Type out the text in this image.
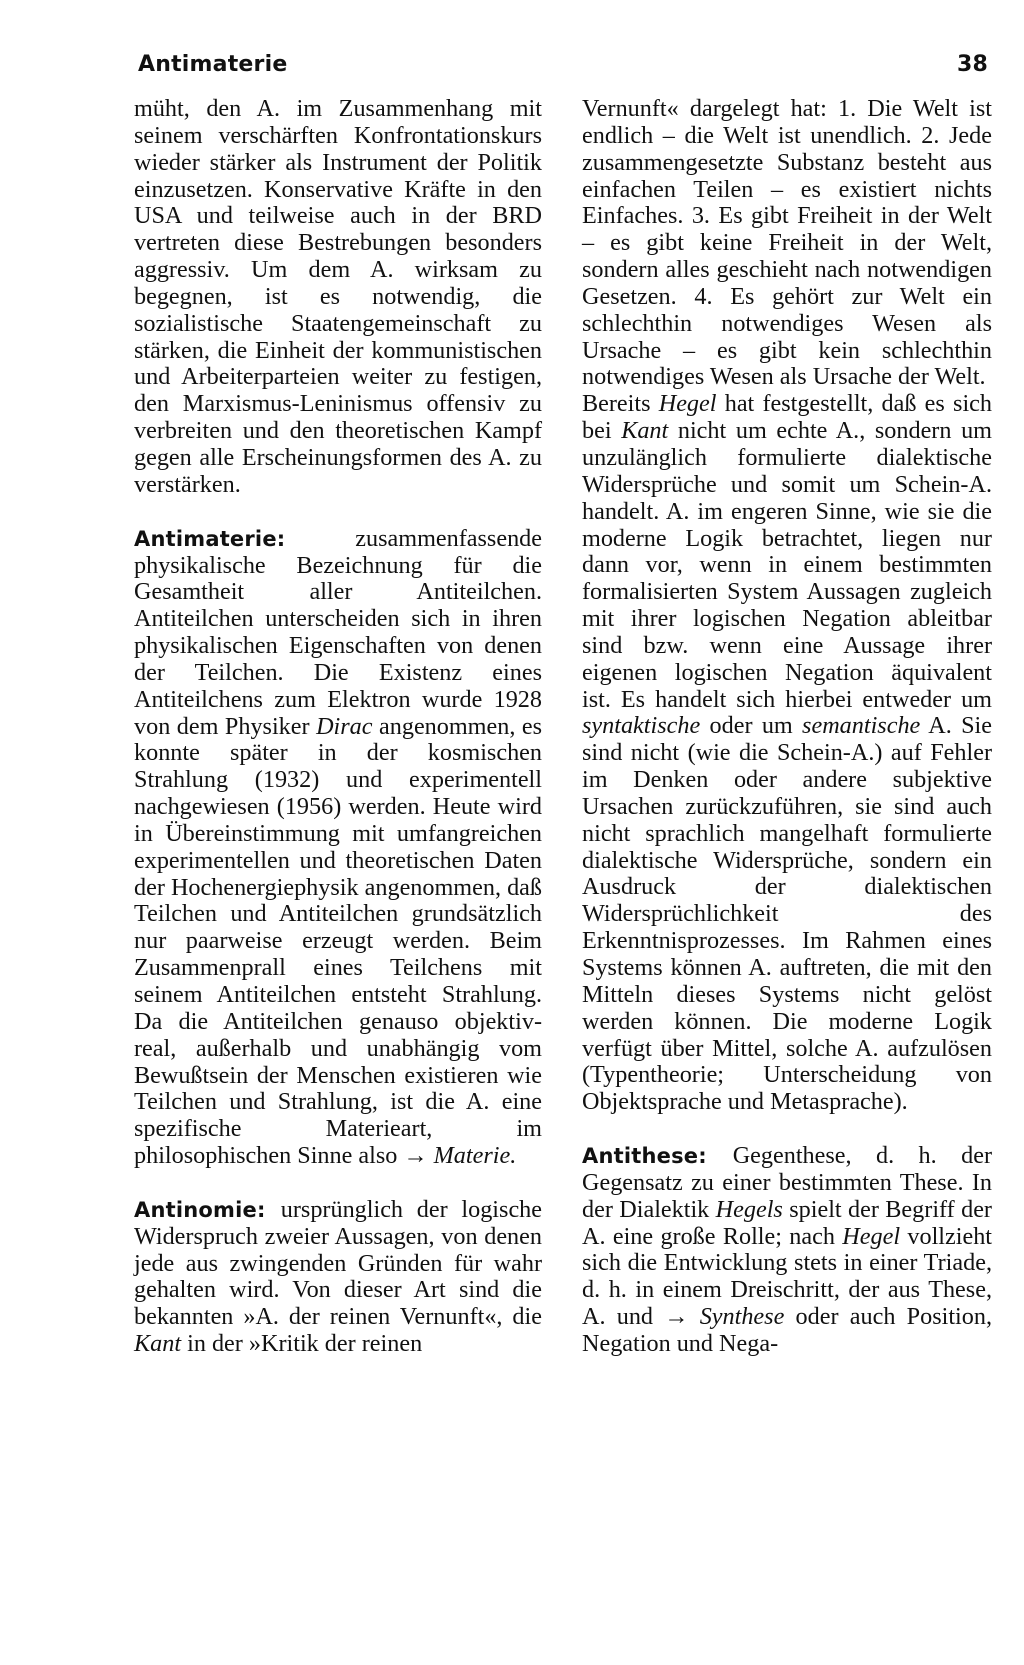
Antimaterie	38

müht, den A. im Zusammenhang mit seinem verschärften Konfrontationskurs wieder stärker als Instrument der Politik einzusetzen. Konservative Kräfte in den USA und teilweise auch in der BRD vertreten diese Bestrebungen besonders aggressiv. Um dem A. wirksam zu begegnen, ist es notwendig, die sozialistische Staatengemeinschaft zu stärken, die Einheit der kommunistischen und Arbeiterparteien weiter zu festigen, den Marxismus-Leninismus offensiv zu verbreiten und den theoretischen Kampf gegen alle Erscheinungsformen des A. zu verstärken.

Antimaterie:	zusammenfassende physikalische Bezeichnung für die Gesamtheit aller Antiteilchen. Antiteilchen unterscheiden sich in ihren physikalischen Eigenschaften von denen der Teilchen. Die Existenz eines Antiteilchens zum Elektron wurde 1928 von dem Physiker Dirac angenommen, es konnte später in der kosmischen Strahlung (1932) und experimentell nachgewiesen (1956) werden. Heute wird in Übereinstimmung mit umfangreichen experimentellen und theoretischen Daten der Hochenergiephysik angenommen, daß Teilchen und Antiteilchen grundsätzlich nur paarweise erzeugt werden. Beim Zusammenprall eines Teilchens mit seinem Antiteilchen entsteht Strahlung. Da die Antiteilchen genauso objektiv-real, außerhalb und unabhängig vom Bewußtsein der Menschen existieren wie Teilchen und Strahlung, ist die A. eine spezifische Materieart, im philosophischen Sinne also → Materie.

Antinomie: ursprünglich der logische Widerspruch zweier Aussagen, von denen jede aus zwingenden Gründen für wahr gehalten wird. Von dieser Art sind die bekannten »A. der reinen Vernunft«, die Kant in der »Kritik der reinen

Vernunft« dargelegt hat: 1. Die Welt ist endlich – die Welt ist unendlich. 2. Jede zusammengesetzte Substanz besteht aus einfachen Teilen – es existiert nichts Einfaches. 3. Es gibt Freiheit in der Welt – es gibt keine Freiheit in der Welt, sondern alles geschieht nach notwendigen Gesetzen. 4. Es gehört zur Welt ein schlechthin notwendiges Wesen als Ursache – es gibt kein schlechthin notwendiges Wesen als Ursache der Welt.

Bereits Hegel hat festgestellt, daß es sich bei Kant nicht um echte A., sondern um unzulänglich formulierte dialektische Widersprüche und somit um Schein-A. handelt. A. im engeren Sinne, wie sie die moderne Logik betrachtet, liegen nur dann vor, wenn in einem bestimmten formalisierten System Aussagen zugleich mit ihrer logischen Negation ableitbar sind bzw. wenn eine Aussage ihrer eigenen logischen Negation äquivalent ist. Es handelt sich hierbei entweder um syntaktische oder um semantische A. Sie sind nicht (wie die Schein-A.) auf Fehler im Denken oder andere subjektive Ursachen zurückzuführen, sie sind auch nicht sprachlich mangelhaft formulierte dialektische Widersprüche, sondern ein Ausdruck der dialektischen Widersprüchlichkeit des Erkenntnisprozesses. Im Rahmen eines Systems können A. auftreten, die mit den Mitteln dieses Systems nicht gelöst werden können. Die moderne Logik verfügt über Mittel, solche A. aufzulösen (Typentheorie; Unterscheidung von Objektsprache und Metasprache).

Antithese: Gegenthese, d. h. der Gegensatz zu einer bestimmten These. In der Dialektik Hegels spielt der Begriff der A. eine große Rolle; nach Hegel vollzieht sich die Entwicklung stets in einer Triade, d. h. in einem Dreischritt, der aus These, A. und → Synthese oder auch Position, Negation und Nega-
